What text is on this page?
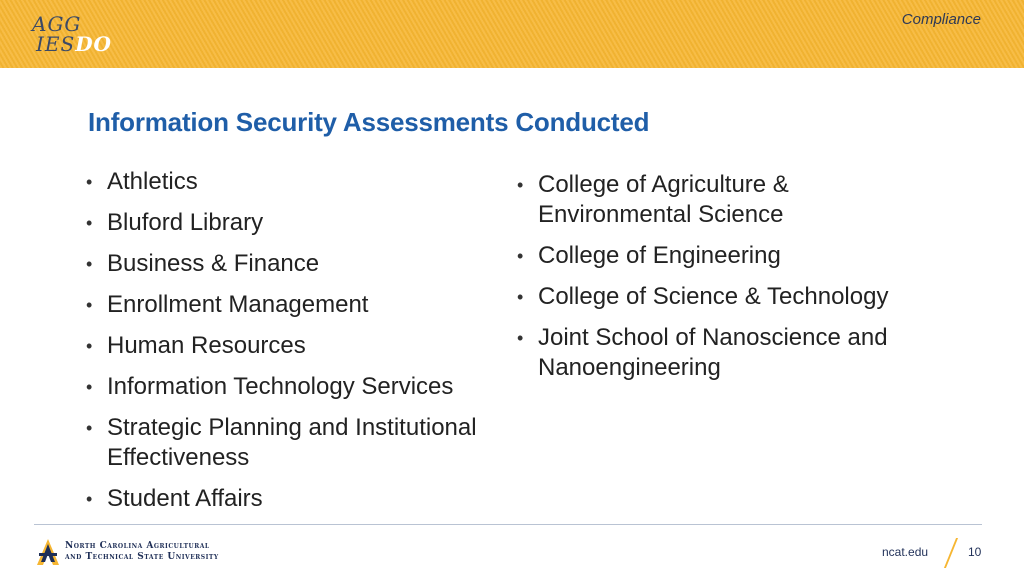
AGG
IESDO
Compliance
Information Security Assessments Conducted
• Athletics
• Bluford Library
• Business & Finance
• Enrollment Management
• Human Resources
• Information Technology Services
• Strategic Planning and Institutional Effectiveness
• Student Affairs
• College of Agriculture & Environmental Science
• College of Engineering
• College of Science & Technology
• Joint School of Nanoscience and Nanoengineering
North Carolina Agricultural
and Technical State University	ncat.edu	10
